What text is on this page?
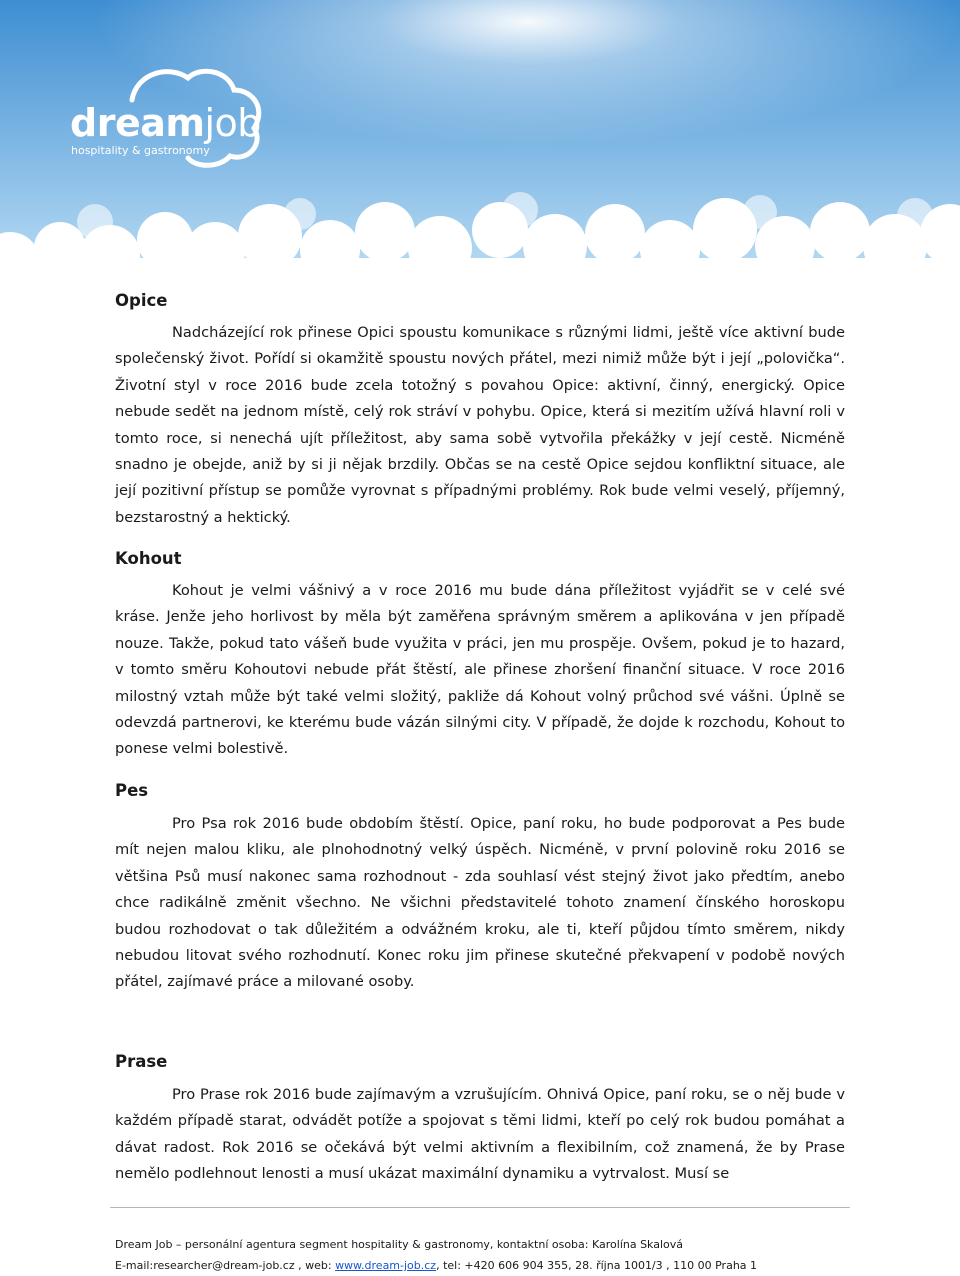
dreamjob
hospitality & gastronomy
Opice

Nadcházející rok přinese Opici spoustu komunikace s různými lidmi, ještě více aktivní bude společenský život. Pořídí si okamžitě spoustu nových přátel, mezi nimiž může být i její „polovička“. Životní styl v roce 2016 bude zcela totožný s povahou Opice: aktivní, činný, energický. Opice nebude sedět na jednom místě, celý rok stráví v pohybu. Opice, která si mezitím užívá hlavní roli v tomto roce, si nenechá ujít příležitost, aby sama sobě vytvořila překážky v její cestě. Nicméně snadno je obejde, aniž by si ji nějak brzdily. Občas se na cestě Opice sejdou konfliktní situace, ale její pozitivní přístup se pomůže vyrovnat s případnými problémy. Rok bude velmi veselý, příjemný, bezstarostný a hektický.

Kohout

Kohout je velmi vášnivý a v roce 2016 mu bude dána příležitost vyjádřit se v celé své kráse. Jenže jeho horlivost by měla být zaměřena správným směrem a aplikována v jen případě nouze. Takže, pokud tato vášeň bude využita v práci, jen mu prospěje. Ovšem, pokud je to hazard, v tomto směru Kohoutovi nebude přát štěstí, ale přinese zhoršení finanční situace. V roce 2016 milostný vztah může být také velmi složitý, pakliže dá Kohout volný průchod své vášni. Úplně se odevzdá partnerovi, ke kterému bude vázán silnými city. V případě, že dojde k rozchodu, Kohout to ponese velmi bolestivě.

Pes

Pro Psa rok 2016 bude obdobím štěstí. Opice, paní roku, ho bude podporovat a Pes bude mít nejen malou kliku, ale plnohodnotný velký úspěch. Nicméně, v první polovině roku 2016 se většina Psů musí nakonec sama rozhodnout - zda souhlasí vést stejný život jako předtím, anebo chce radikálně změnit všechno. Ne všichni představitelé tohoto znamení čínského horoskopu budou rozhodovat o tak důležitém a odvážném kroku, ale ti, kteří půjdou tímto směrem, nikdy nebudou litovat svého rozhodnutí. Konec roku jim přinese skutečné překvapení v podobě nových přátel, zajímavé práce a milované osoby.

Prase

Pro Prase rok 2016 bude zajímavým a vzrušujícím. Ohnivá Opice, paní roku, se o něj bude v každém případě starat, odvádět potíže a spojovat s těmi lidmi, kteří po celý rok budou pomáhat a dávat radost. Rok 2016 se očekává být velmi aktivním a flexibilním, což znamená, že by Prase nemělo podlehnout lenosti a musí ukázat maximální dynamiku a vytrvalost. Musí se

Dream Job – personální agentura segment hospitality & gastronomy, kontaktní osoba: Karolína Skalová
E-mail:researcher@dream-job.cz , web: www.dream-job.cz, tel: +420 606 904 355, 28. října 1001/3 , 110 00 Praha 1
